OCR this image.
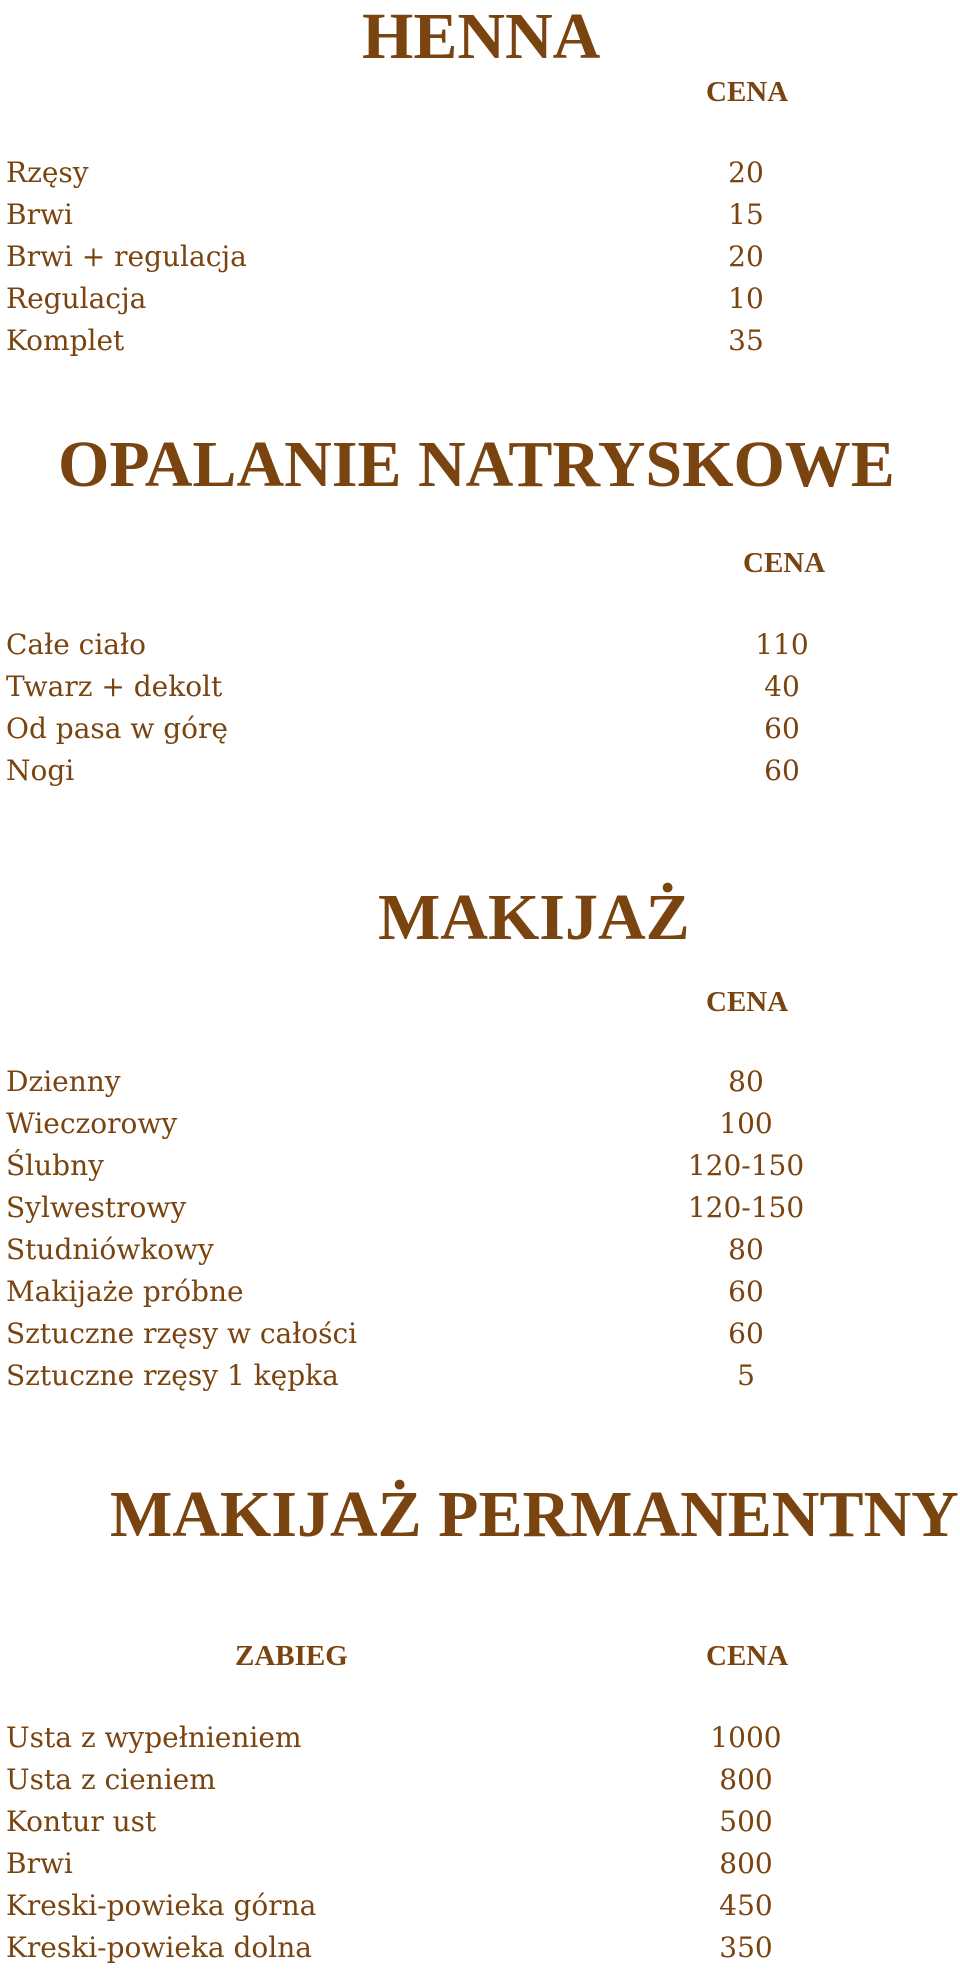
HENNA
CENA
Rzęsy	20
Brwi	15
Brwi + regulacja	20
Regulacja	10
Komplet	35
OPALANIE NATRYSKOWE
CENA
Całe ciało	110
Twarz + dekolt	40
Od pasa w górę	60
Nogi	60
MAKIJAŻ
CENA
Dzienny	80
Wieczorowy	100
Ślubny	120-150
Sylwestrowy	120-150
Studniówkowy	80
Makijaże próbne	60
Sztuczne rzęsy w całości	60
Sztuczne rzęsy 1 kępka	5
MAKIJAŻ PERMANENTNY
ZABIEG	CENA
Usta z wypełnieniem	1000
Usta z cieniem	800
Kontur ust	500
Brwi	800
Kreski-powieka górna	450
Kreski-powieka dolna	350
